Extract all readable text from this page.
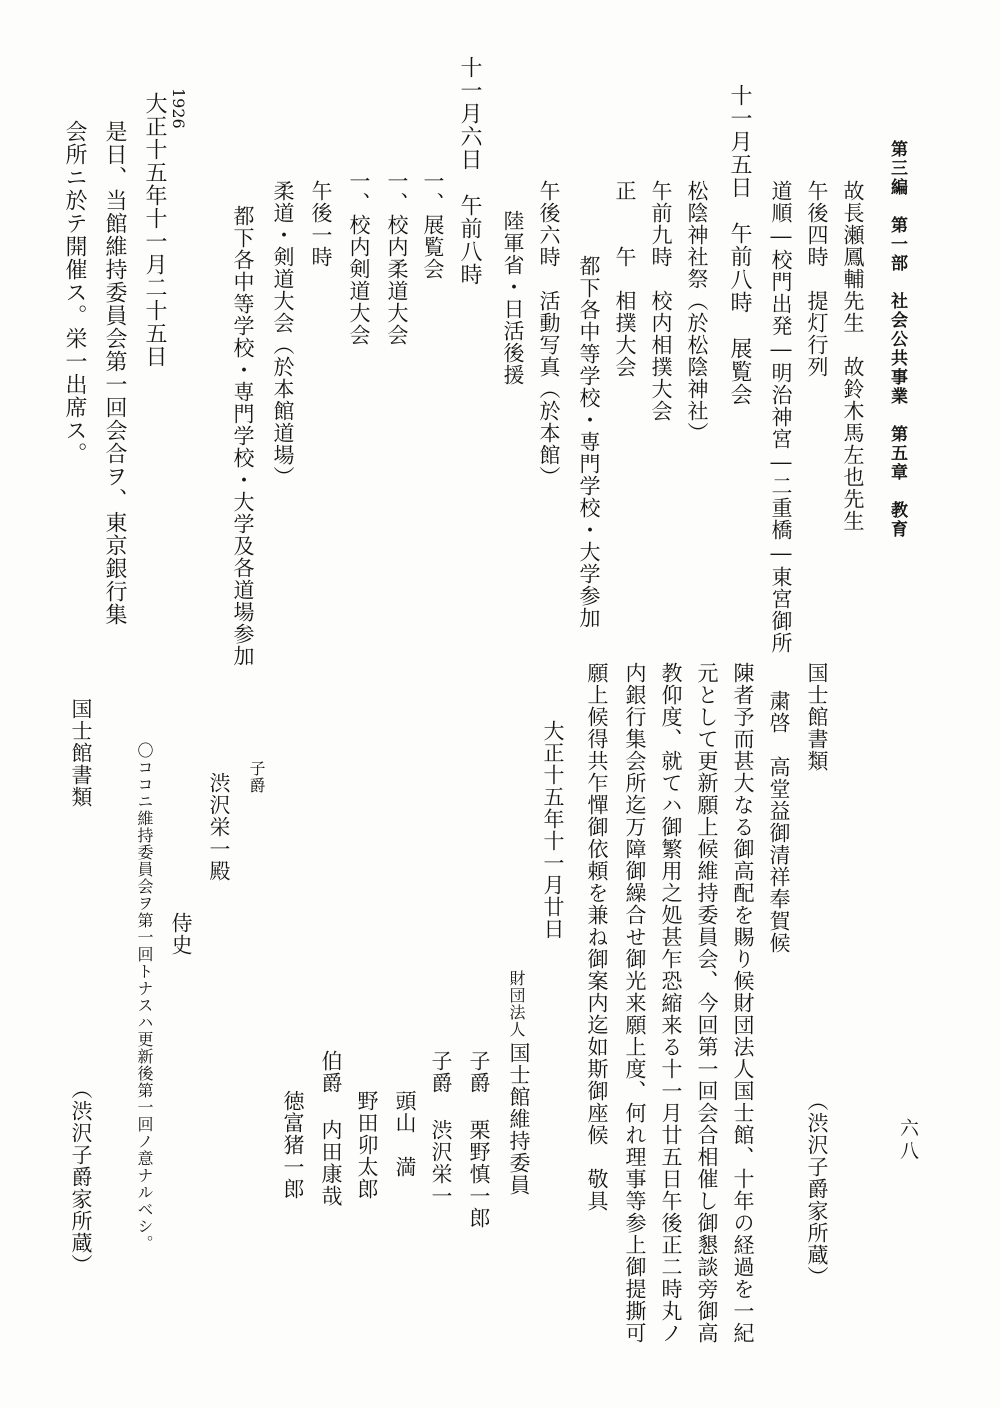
第三編　第一部　社会公共事業　第五章　教育
六八
故長瀬鳳輔先生　故鈴木馬左也先生
午後四時　提灯行列
道順―校門出発―明治神宮―二重橋―東宮御所
十一月五日　午前八時　展覧会
松陰神社祭（於松陰神社）
午前九時　校内相撲大会
正　　午　相撲大会
都下各中等学校・専門学校・大学参加
午後六時　活動写真（於本館）
陸軍省・日活後援
十一月六日　午前八時
一、展覧会
一、校内柔道大会
一、校内剣道大会
午後一時
柔道・剣道大会（於本館道場）
都下各中等学校・専門学校・大学及各道場参加
1926
大正十五年十一月二十五日
是日、当館維持委員会第一回会合ヲ、東京銀行集
会所ニ於テ開催ス。栄一出席ス。
国士館書類
粛啓　高堂益御清祥奉賀候
陳者予而甚大なる御高配を賜り候財団法人国士館、十年の経過を一紀
元として更新願上候維持委員会、今回第一回会合相催し御懇談旁御高
教仰度、就てハ御繁用之処甚乍恐縮来る十一月廿五日午後正二時丸ノ
内銀行集会所迄万障御繰合せ御光来願上度、何れ理事等参上御提撕可
願上候得共乍憚御依頼を兼ね御案内迄如斯御座候　敬具
大正十五年十一月廿日
財団法人
国士館維持委員
子爵 栗野慎一郎
子爵 渋沢栄一
頭山　満
野田卯太郎
伯爵 内田康哉
徳富猪一郎
子爵
渋沢栄一殿
侍史
〇ココニ維持委員会ヲ第一回トナスハ更新後第一回ノ意ナルベシ。	（渋沢子爵家所蔵）
国士館書類
（渋沢子爵家所蔵）
